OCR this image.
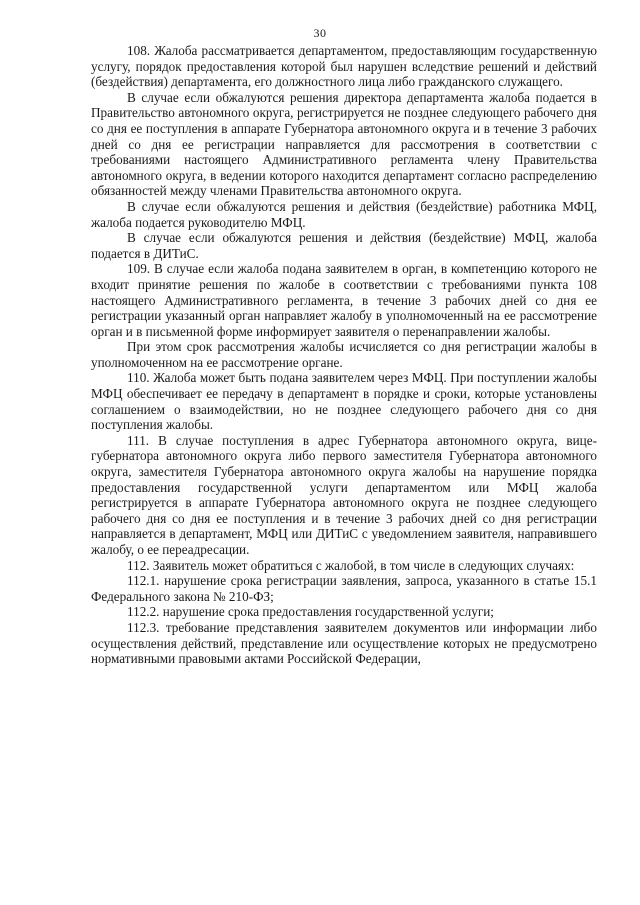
30

108. Жалоба рассматривается департаментом, предоставляющим государственную услугу, порядок предоставления которой был нарушен вследствие решений и действий (бездействия) департамента, его должностного лица либо гражданского служащего.

В случае если обжалуются решения директора департамента жалоба подается в Правительство автономного округа, регистрируется не позднее следующего рабочего дня со дня ее поступления в аппарате Губернатора автономного округа и в течение 3 рабочих дней со дня ее регистрации направляется для рассмотрения в соответствии с требованиями настоящего Административного регламента члену Правительства автономного округа, в ведении которого находится департамент согласно распределению обязанностей между членами Правительства автономного округа.

В случае если обжалуются решения и действия (бездействие) работника МФЦ, жалоба подается руководителю МФЦ.

В случае если обжалуются решения и действия (бездействие) МФЦ, жалоба подается в ДИТиС.

109. В случае если жалоба подана заявителем в орган, в компетенцию которого не входит принятие решения по жалобе в соответствии с требованиями пункта 108 настоящего Административного регламента, в течение 3 рабочих дней со дня ее регистрации указанный орган направляет жалобу в уполномоченный на ее рассмотрение орган и в письменной форме информирует заявителя о перенаправлении жалобы.

При этом срок рассмотрения жалобы исчисляется со дня регистрации жалобы в уполномоченном на ее рассмотрение органе.

110. Жалоба может быть подана заявителем через МФЦ. При поступлении жалобы МФЦ обеспечивает ее передачу в департамент в порядке и сроки, которые установлены соглашением о взаимодействии, но не позднее следующего рабочего дня со дня поступления жалобы.

111. В случае поступления в адрес Губернатора автономного округа, вице-губернатора автономного округа либо первого заместителя Губернатора автономного округа, заместителя Губернатора автономного округа жалобы на нарушение порядка предоставления государственной услуги департаментом или МФЦ жалоба регистрируется в аппарате Губернатора автономного округа не позднее следующего рабочего дня со дня ее поступления и в течение 3 рабочих дней со дня регистрации направляется в департамент, МФЦ или ДИТиС с уведомлением заявителя, направившего жалобу, о ее переадресации.

112. Заявитель может обратиться с жалобой, в том числе в следующих случаях:

112.1. нарушение срока регистрации заявления, запроса, указанного в статье 15.1 Федерального закона № 210-ФЗ;

112.2. нарушение срока предоставления государственной услуги;

112.3. требование представления заявителем документов или информации либо осуществления действий, представление или осуществление которых не предусмотрено нормативными правовыми актами Российской Федерации,
